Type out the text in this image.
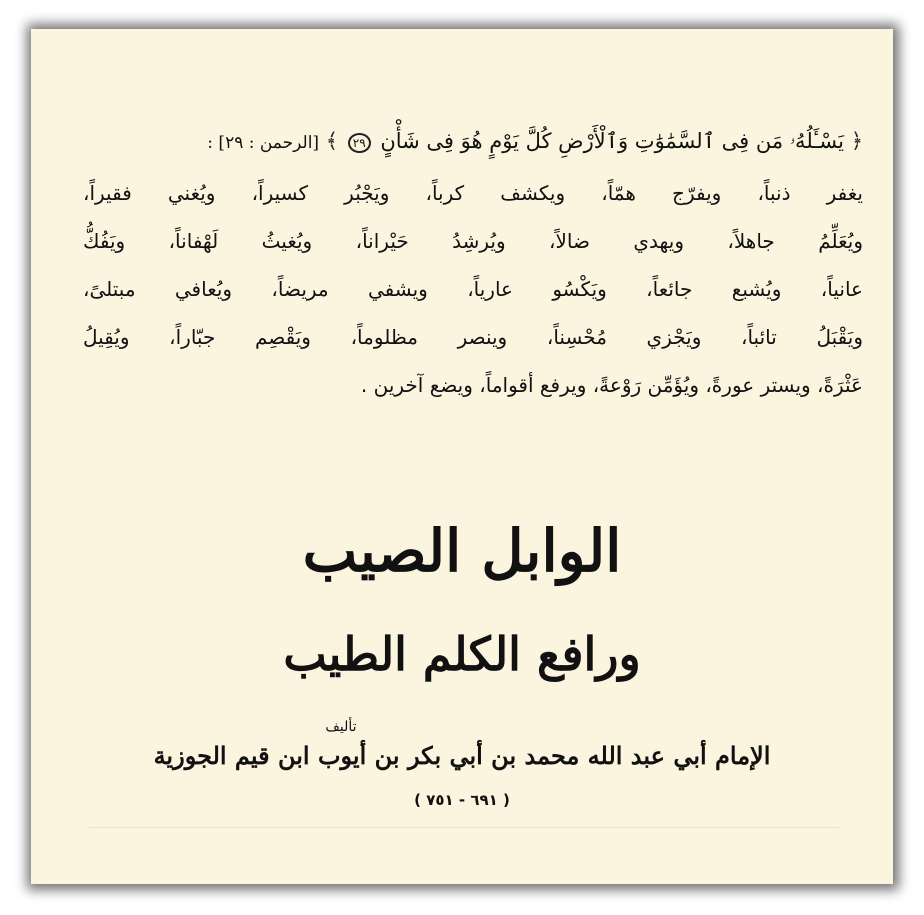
﴿ يَسْـَٔلُهُۥ مَن فِى ٱلسَّمَٰوَٰتِ وَٱلْأَرْضِ كُلَّ يَوْمٍ هُوَ فِى شَأْنٍ ٢٩ ﴾ [الرحمن : ٢٩] :
يغفر ذنباً، ويفرّج همّاً، ويكشف كرباً، ويَجْبُر كسيراً، ويُغني فقيراً،
ويُعَلِّمُ جاهلاً، ويهدي ضالاً، ويُرشِدُ حَيْراناً، ويُغيثُ لَهْفاناً، ويَفُكُّ
عانياً، ويُشبع جائعاً، ويَكْسُو عارياً، ويشفي مريضاً، ويُعافي مبتلىً،
ويَقْبَلُ تائباً، ويَجْزي مُحْسِناً، وينصر مظلوماً، ويَقْصِم جبّاراً، ويُقِيلُ
عَثْرَةً، ويستر عورةً، ويُؤَمِّن رَوْعةً، ويرفع أقواماً، ويضع آخرين .
الوابل الصيب
ورافع الكلم الطيب
تأليف
الإمام أبي عبد الله محمد بن أبي بكر بن أيوب ابن قيم الجوزية
( ٦٩١ - ٧٥١ )
